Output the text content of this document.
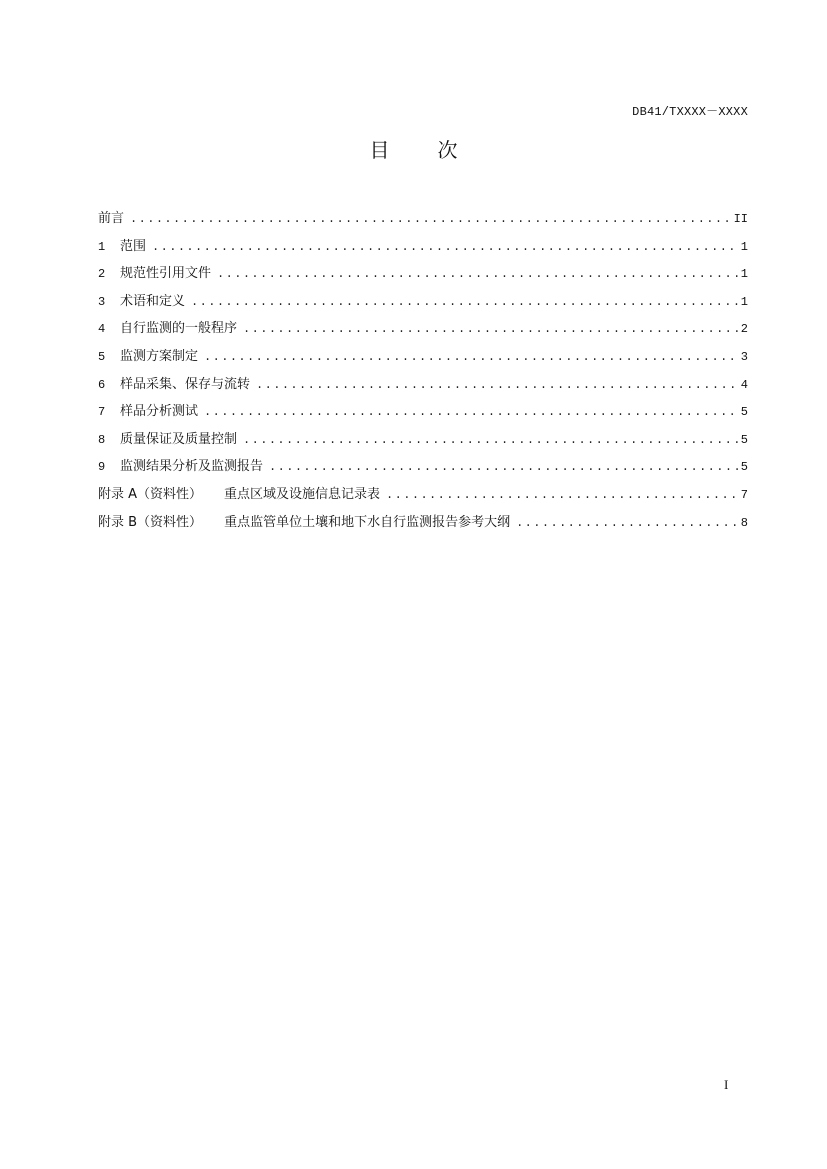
DB41/TXXXX－XXXX
目 次
前言 .....	II
1	范围 .....	1
2	规范性引用文件 .....	1
3	术语和定义 .....	1
4	自行监测的一般程序 .....	2
5	监测方案制定 .....	3
6	样品采集、保存与流转 .....	4
7	样品分析测试 .....	5
8	质量保证及质量控制 .....	5
9	监测结果分析及监测报告 .....	5
附录 A（资料性） 重点区域及设施信息记录表 .....	7
附录 B（资料性） 重点监管单位土壤和地下水自行监测报告参考大纲 .....	8
I
